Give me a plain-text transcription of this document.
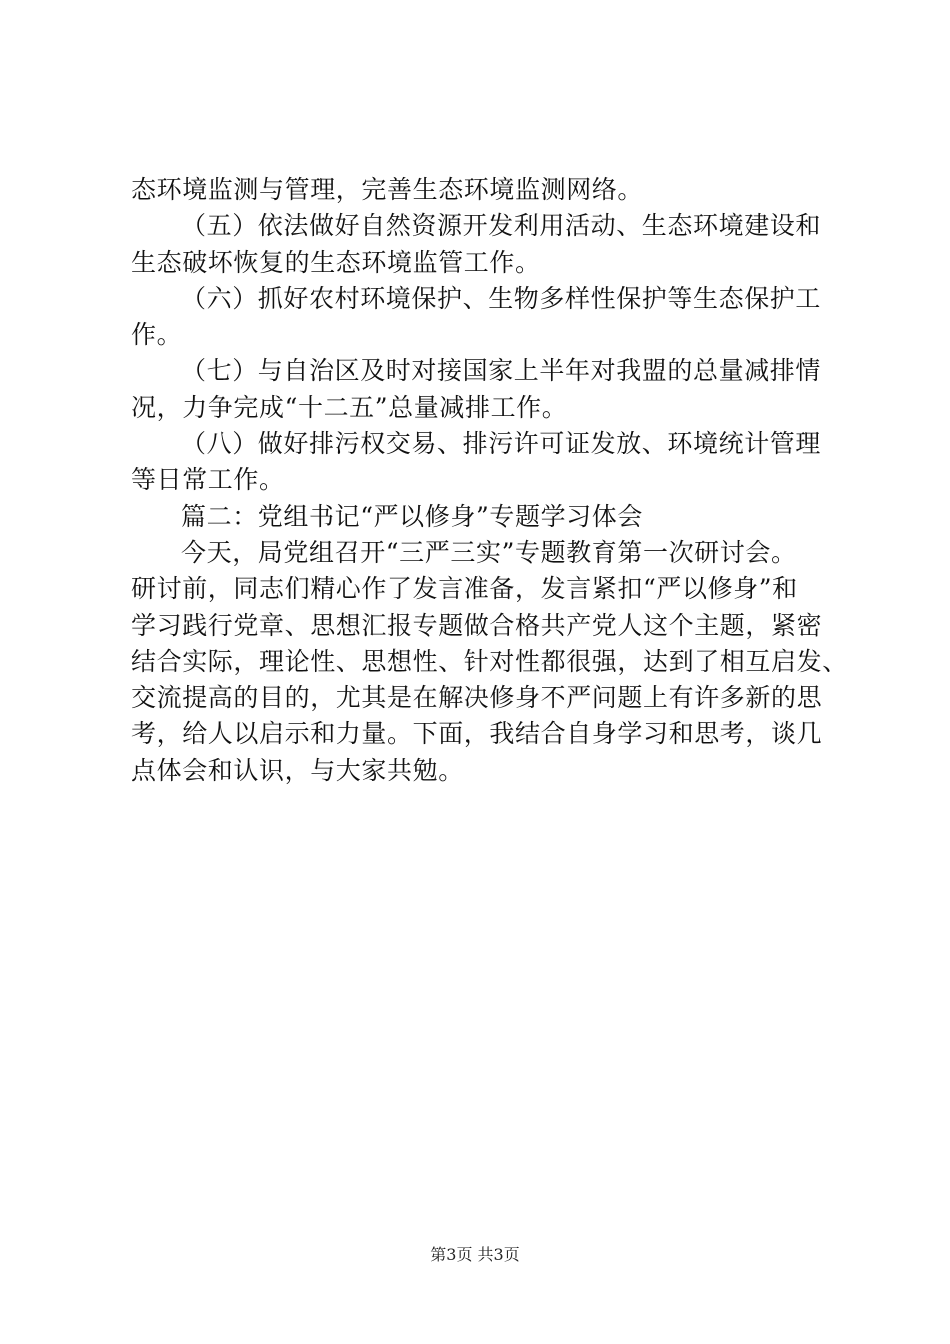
态环境监测与管理，完善生态环境监测网络。
（五）依法做好自然资源开发利用活动、生态环境建设和
生态破坏恢复的生态环境监管工作。
（六）抓好农村环境保护、生物多样性保护等生态保护工
作。
（七）与自治区及时对接国家上半年对我盟的总量减排情
况，力争完成“十二五”总量减排工作。
（八）做好排污权交易、排污许可证发放、环境统计管理
等日常工作。
篇二：党组书记“严以修身”专题学习体会
今天，局党组召开“三严三实”专题教育第一次研讨会。
研讨前，同志们精心作了发言准备，发言紧扣“严以修身”和
学习践行党章、思想汇报专题做合格共产党人这个主题，紧密
结合实际，理论性、思想性、针对性都很强，达到了相互启发、
交流提高的目的，尤其是在解决修身不严问题上有许多新的思
考，给人以启示和力量。下面，我结合自身学习和思考，谈几
点体会和认识，与大家共勉。
第3页 共3页
